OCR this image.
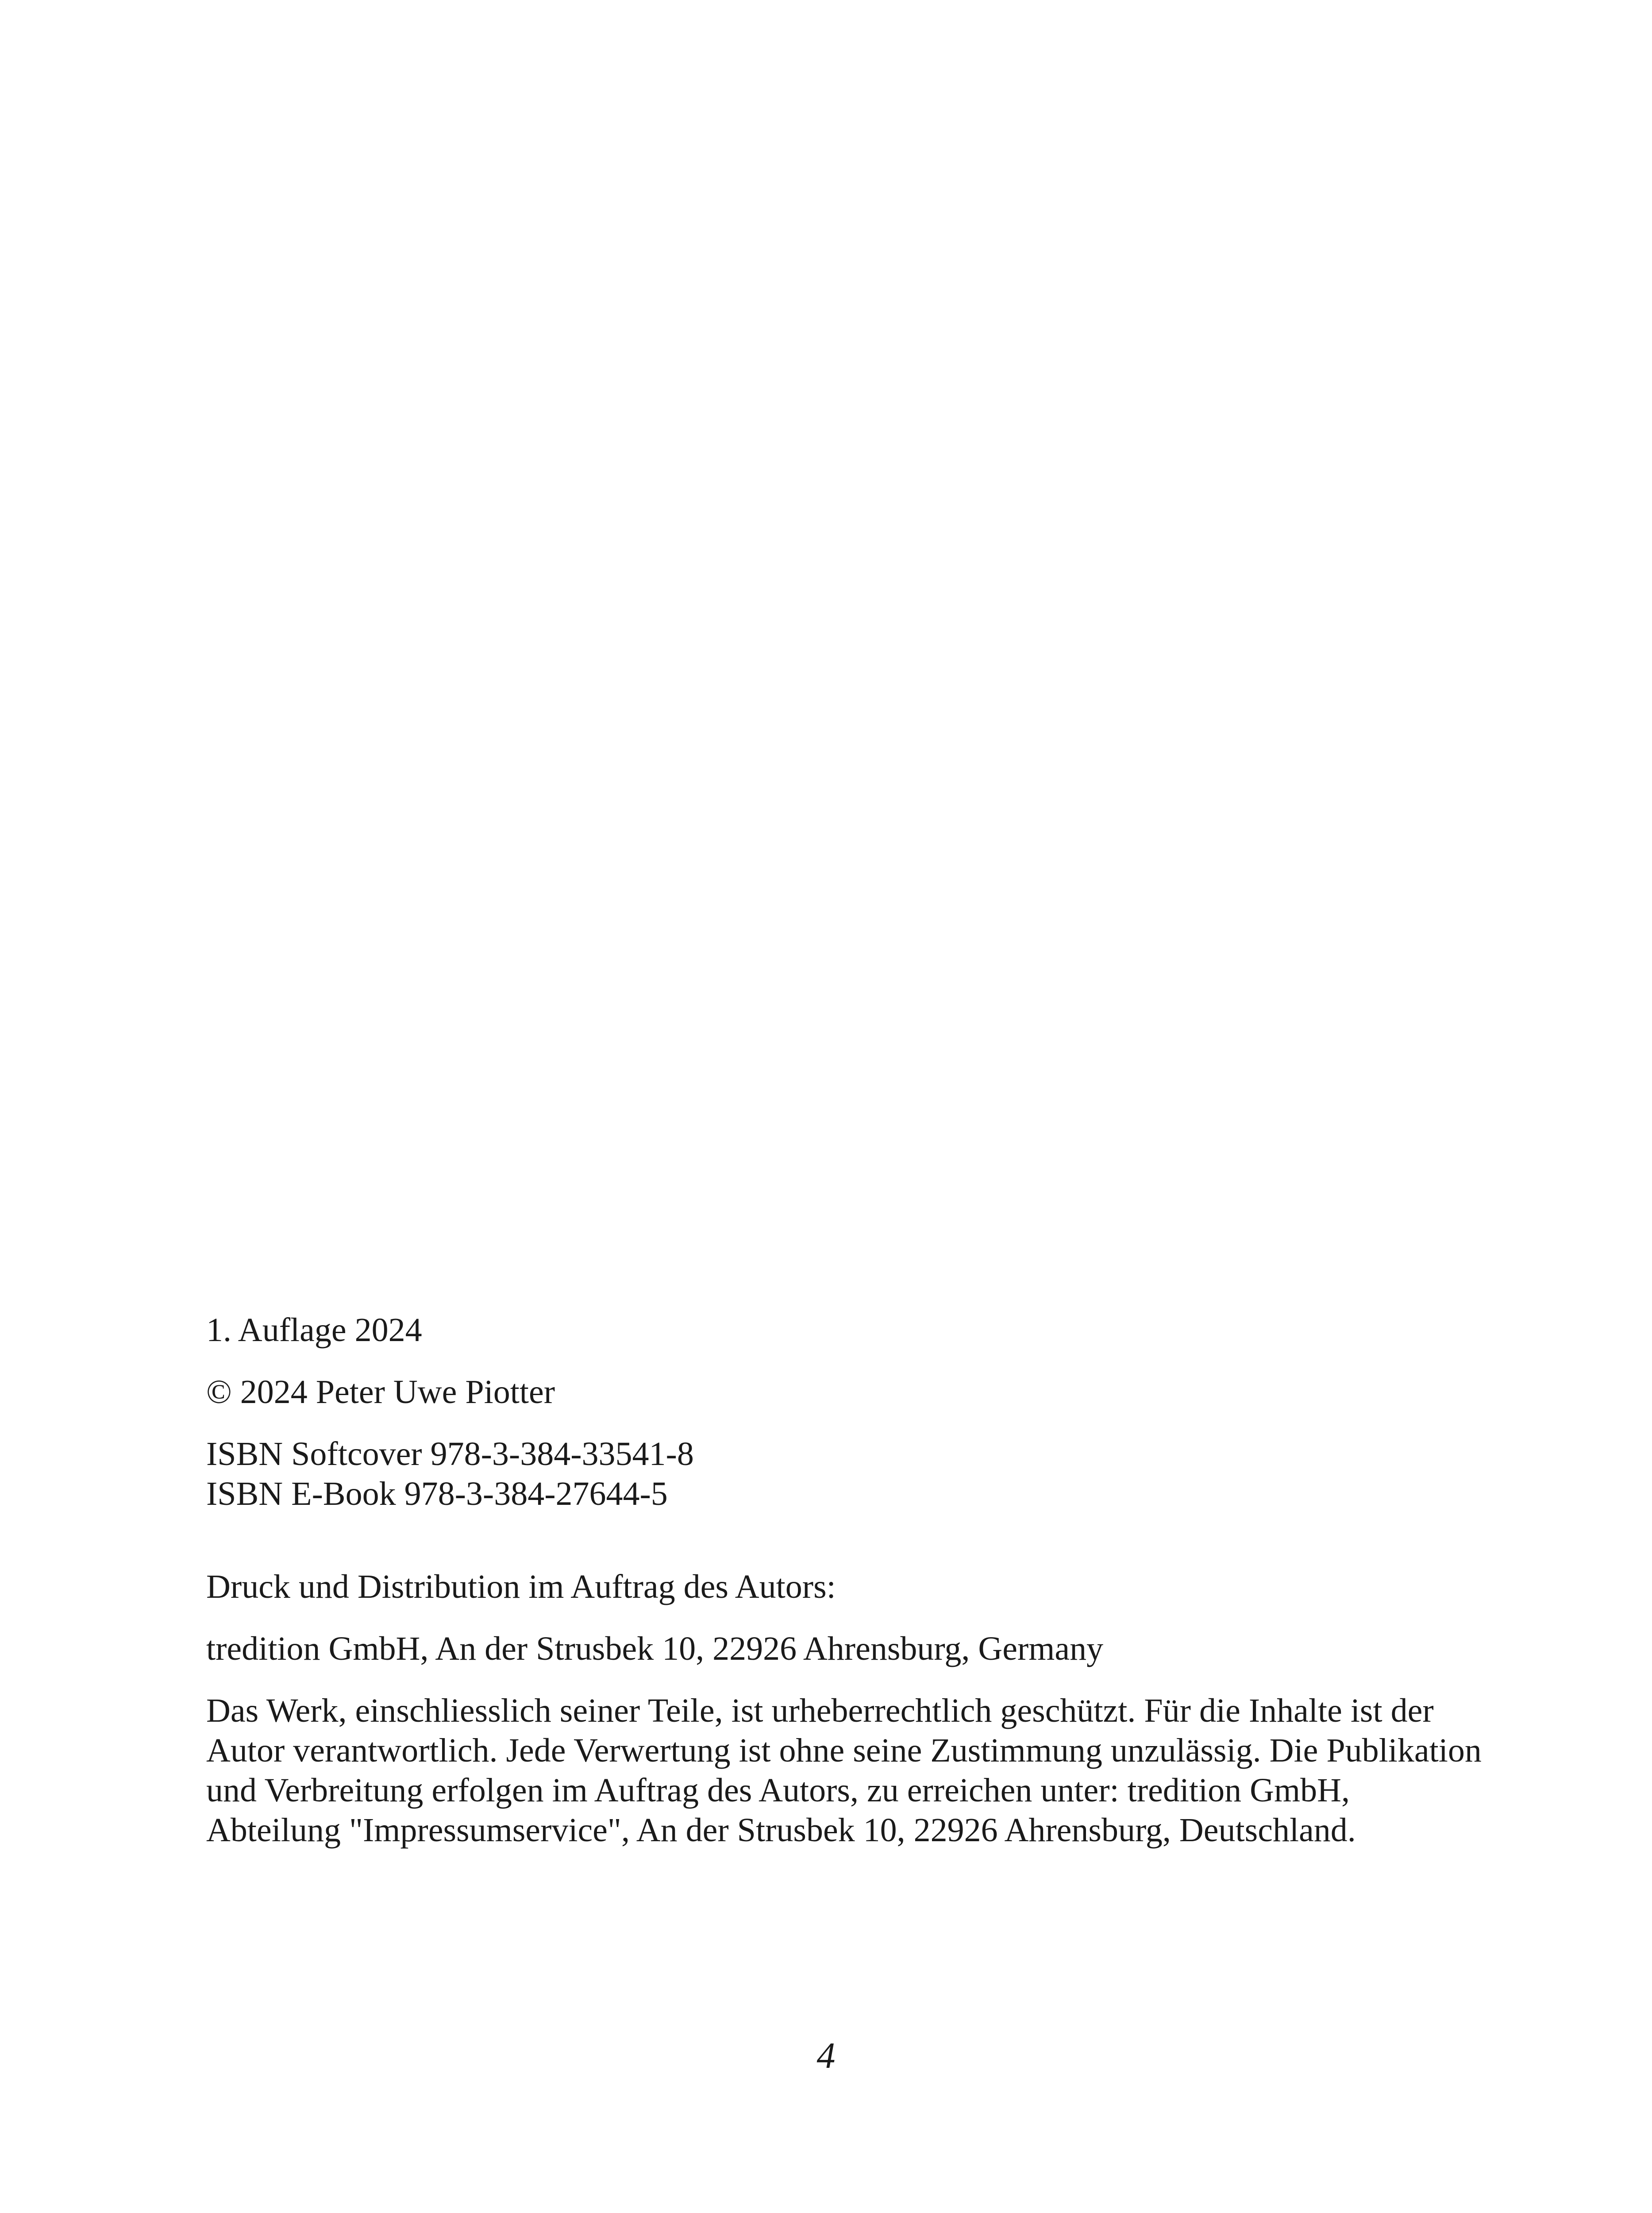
1. Auflage 2024

© 2024 Peter Uwe Piotter

ISBN Softcover 978-3-384-33541-8

ISBN E-Book 978-3-384-27644-5

Druck und Distribution im Auftrag des Autors:

tredition GmbH, An der Strusbek 10, 22926 Ahrensburg, Germany

Das Werk, einschliesslich seiner Teile, ist urheberrechtlich geschützt. Für die Inhalte ist der Autor verantwortlich. Jede Verwertung ist ohne seine Zustimmung unzulässig. Die Publikation und Verbreitung erfolgen im Auftrag des Autors, zu erreichen unter: tredition GmbH, Abteilung "Impressumservice", An der Strusbek 10, 22926 Ahrensburg, Deutschland.

4
